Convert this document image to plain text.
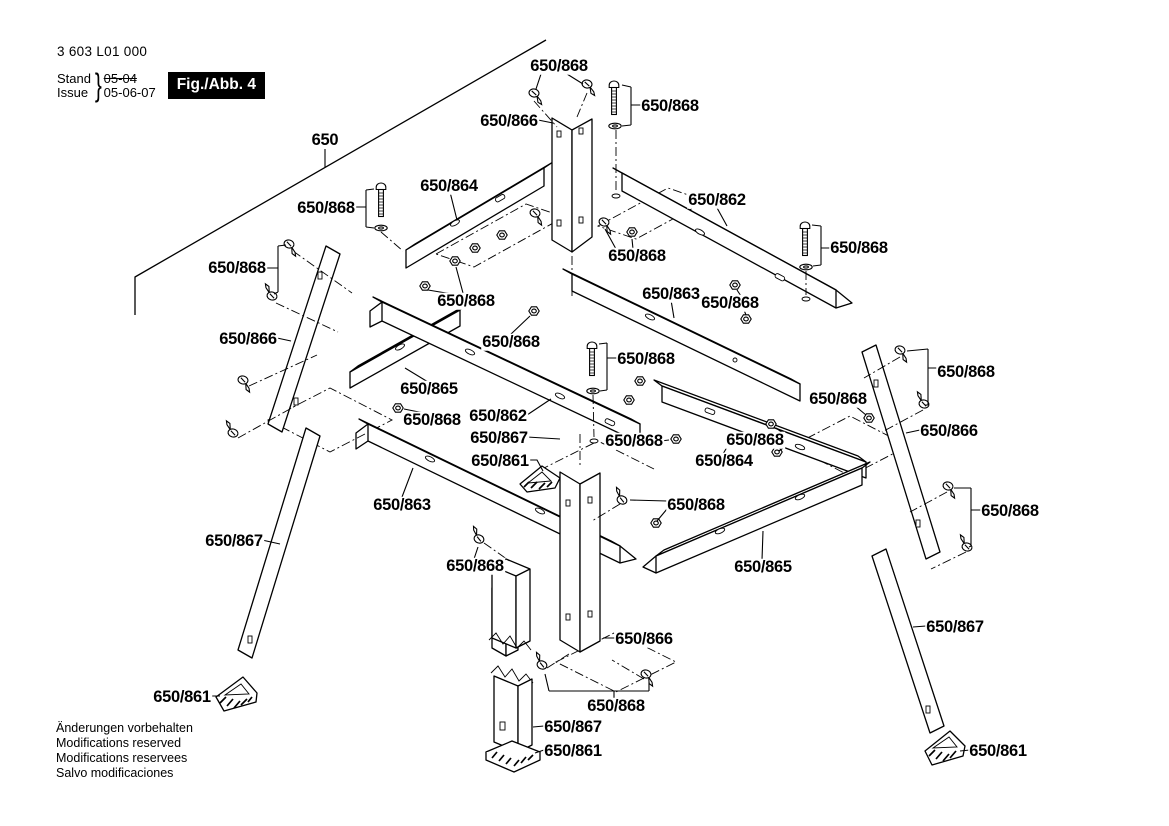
650/868
650/868
650/866
650
650/864
650/862
650/868
650/868
650/868
650/868
650/863
650/868	650/868
650/866	650/868
650/868
650/868
650/865
650/868
650/862
650/868
650/866
650/867	650/868	650/868
650/864
650/861
650/863	650/868	650/868
650/867
650/868	650/865
650/867
650/866
650/861	650/868
650/867
650/861	650/861
3 603 L01 000
Stand
Issue } 05-04
05-06-07	Fig./Abb. 4
Änderungen vorbehalten
Modifications reserved
Modifications reservees
Salvo modificaciones
